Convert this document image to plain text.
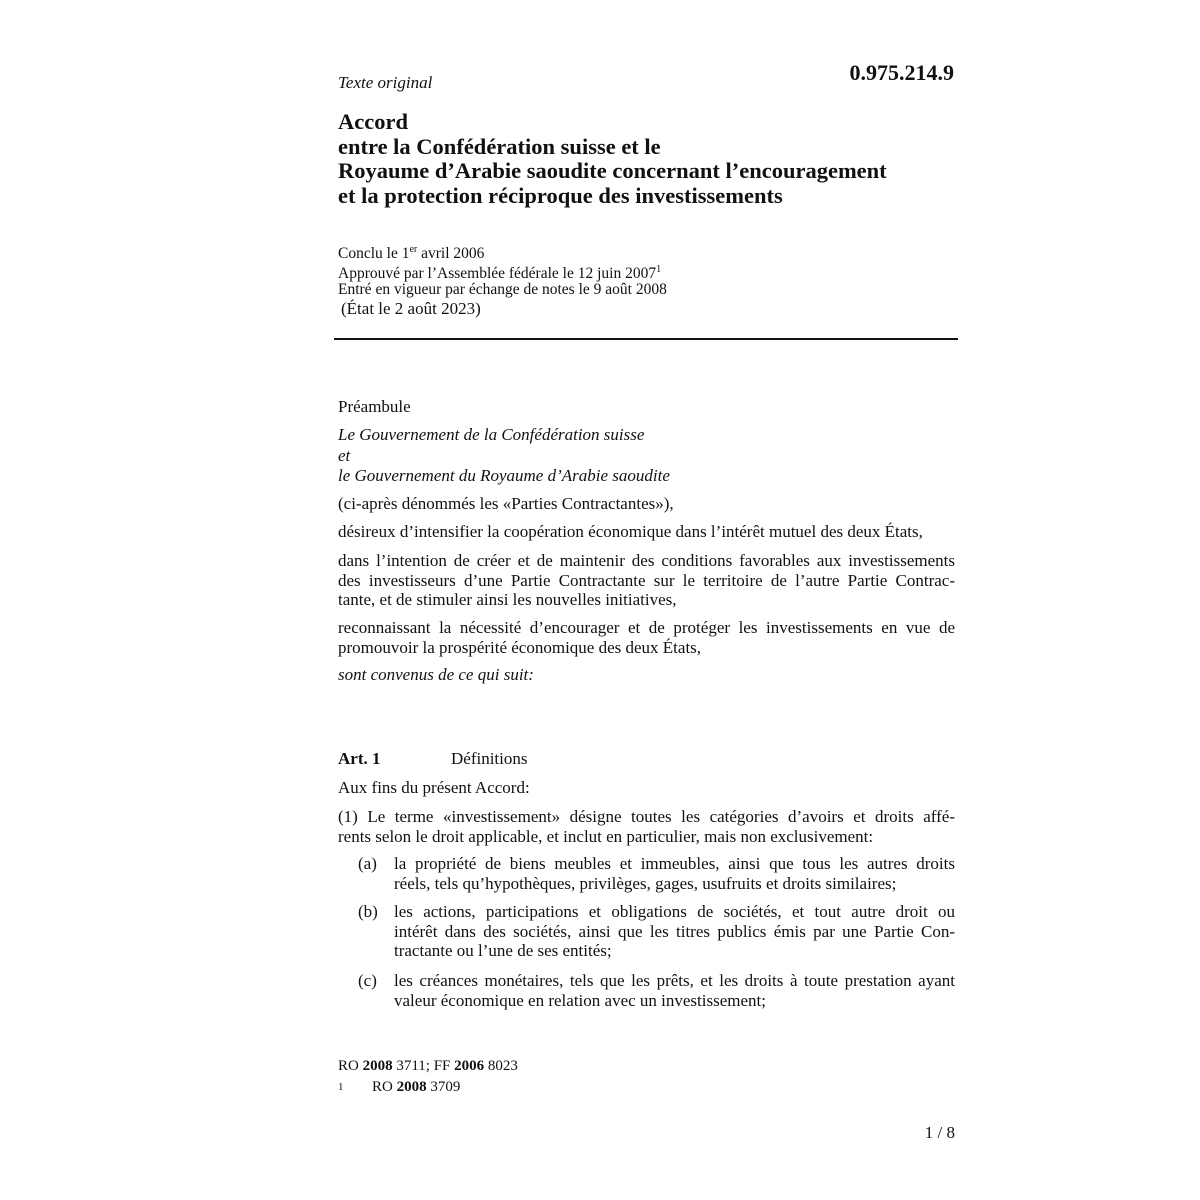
Texte original	0.975.214.9
Accord
entre la Confédération suisse et le
Royaume d’Arabie saoudite concernant l’encouragement
et la protection réciproque des investissements
Conclu le 1er avril 2006
Approuvé par l’Assemblée fédérale le 12 juin 2007$^1$
Entré en vigueur par échange de notes le 9 août 2008
(État le 2 août 2023)
Préambule
Le Gouvernement de la Confédération suisse
et
le Gouvernement du Royaume d’Arabie saoudite
(ci-après dénommés les «Parties Contractantes»),
désireux d’intensifier la coopération économique dans l’intérêt mutuel des deux États,
dans l’intention de créer et de maintenir des conditions favorables aux investissements
des investisseurs d’une Partie Contractante sur le territoire de l’autre Partie Contrac-
tante, et de stimuler ainsi les nouvelles initiatives,
reconnaissant la nécessité d’encourager et de protéger les investissements en vue de
promouvoir la prospérité économique des deux États,
sont convenus de ce qui suit:
Art. 1	Définitions
Aux fins du présent Accord:
(1) Le terme «investissement» désigne toutes les catégories d’avoirs et droits affé-
rents selon le droit applicable, et inclut en particulier, mais non exclusivement:
(a) la propriété de biens meubles et immeubles, ainsi que tous les autres droits
réels, tels qu’hypothèques, privilèges, gages, usufruits et droits similaires;
(b) les actions, participations et obligations de sociétés, et tout autre droit ou
intérêt dans des sociétés, ainsi que les titres publics émis par une Partie Con-
tractante ou l’une de ses entités;
(c) les créances monétaires, tels que les prêts, et les droits à toute prestation ayant
valeur économique en relation avec un investissement;
RO 2008 3711; FF 2006 8023
1 RO 2008 3709
1 / 8
